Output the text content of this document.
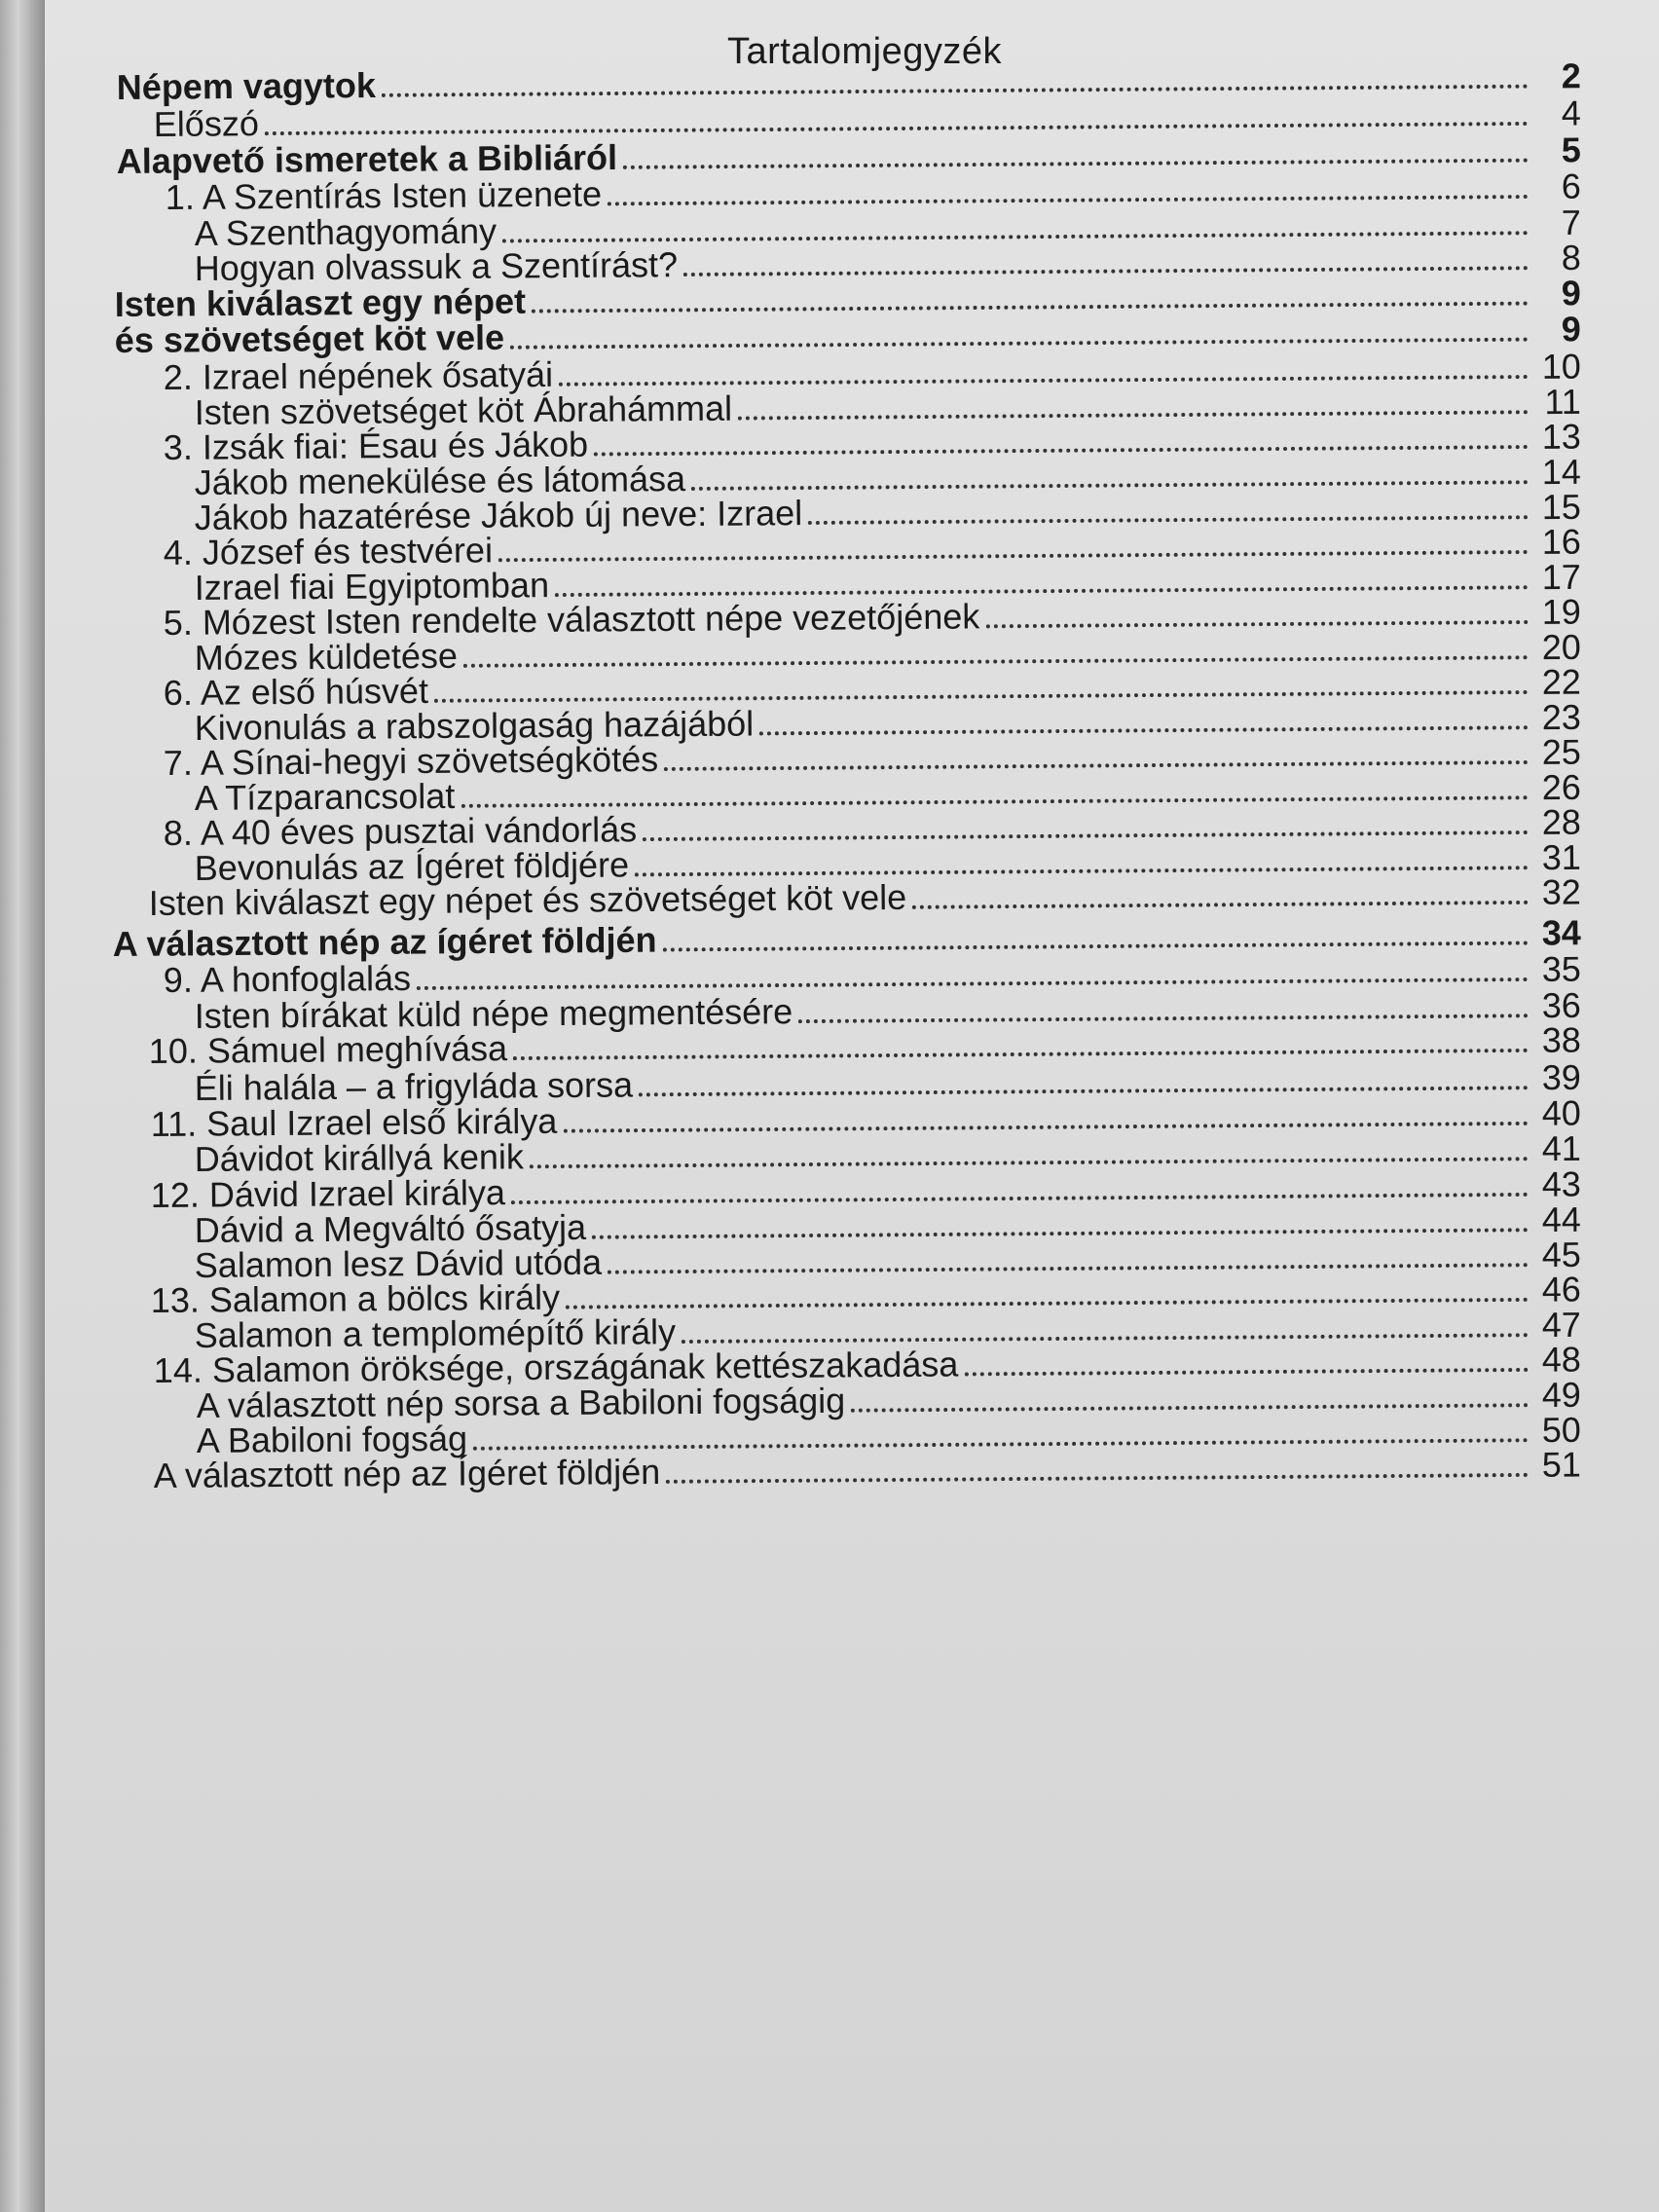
Tartalomjegyzék
Népem vagytok	2
Előszó	4
Alapvető ismeretek a Bibliáról	5
1. A Szentírás Isten üzenete	6
A Szenthagyomány	7
Hogyan olvassuk a Szentírást?	8
Isten kiválaszt egy népet	9
és szövetséget köt vele	9
2. Izrael népének ősatyái	10
Isten szövetséget köt Ábrahámmal	11
3. Izsák fiai: Ésau és Jákob	13
Jákob menekülése és látomása	14
Jákob hazatérése Jákob új neve: Izrael	15
4. József és testvérei	16
Izrael fiai Egyiptomban	17
5. Mózest Isten rendelte választott népe vezetőjének	19
Mózes küldetése	20
6. Az első húsvét	22
Kivonulás a rabszolgaság hazájából	23
7. A Sínai-hegyi szövetségkötés	25
A Tízparancsolat	26
8. A 40 éves pusztai vándorlás	28
Bevonulás az Ígéret földjére	31
Isten kiválaszt egy népet és szövetséget köt vele	32
A választott nép az ígéret földjén	34
9. A honfoglalás	35
Isten bírákat küld népe megmentésére	36
10. Sámuel meghívása	38
Éli halála – a frigyláda sorsa	39
11. Saul Izrael első királya	40
Dávidot királlyá kenik	41
12. Dávid Izrael királya	43
Dávid a Megváltó ősatyja	44
Salamon lesz Dávid utóda	45
13. Salamon a bölcs király	46
Salamon a templomépítő király	47
14. Salamon öröksége, országának kettészakadása	48
A választott nép sorsa a Babiloni fogságig	49
A Babiloni fogság	50
A választott nép az Ígéret földjén	51
